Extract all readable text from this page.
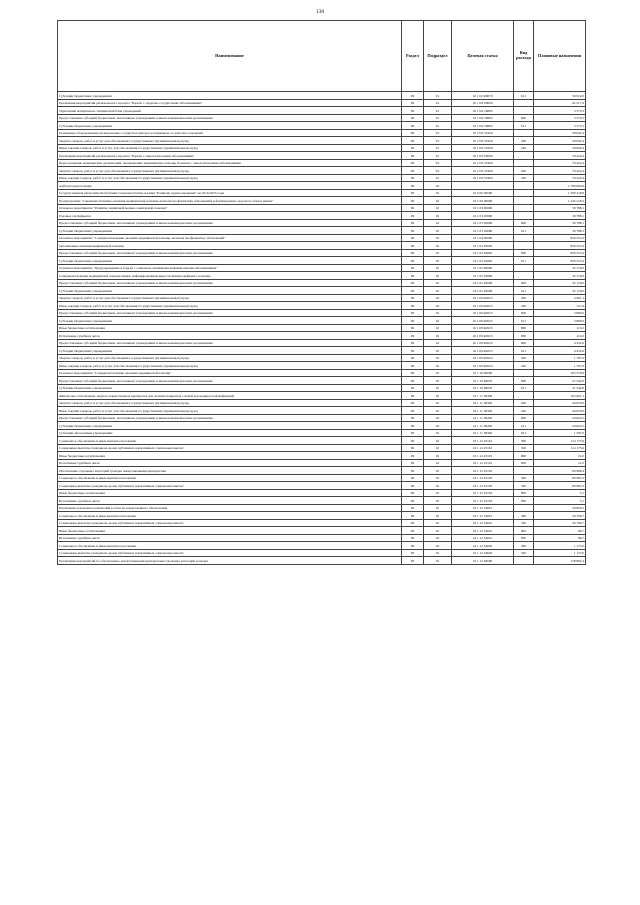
138
Наименование	Раздел	Подраздел	Целевая статья	Вид расхода	Плановые назначения
Субсидии бюджетным учреждениям	09	01	16 1 02 R6070	611	59 019,0
Реализация мероприятий регионального проекта "Борьба с сердечно-сосудистыми заболеваниями"	09	01	16 1 N2 00000		62 217,9
Укрепление материально-технической базы учреждений	09	01	16 1 N2 20695		3 375,5
Предоставление субсидий бюджетным, автономным учреждениям и иным некоммерческим организациям	09	01	16 1 N2 20695	600	3 375,5
Субсидии бюджетным учреждениям	09	01	16 1 N2 20695	611	3 375,5
Оснащение оборудованием региональных сосудистых центров и первичных сосудистых отделений	09	01	16 1 N2 51920		58 842,4
Закупка товаров, работ и услуг для обеспечения государственных (муниципальных) нужд	09	01	16 1 N2 51920	200	58 842,4
Иные закупки товаров, работ и услуг для обеспечения государственных (муниципальных) нужд	09	01	16 1 N2 51920	240	58 842,4
Реализация мероприятий регионального проекта "Борьба с онкологическими заболеваниями"	09	01	16 1 N3 00000		79 224,4
Переоснащение медицинских организаций, оказывающих медицинскую помощь больным с онкологическими заболеваниями	09	01	16 1 N3 51900		79 224,4
Закупка товаров, работ и услуг для обеспечения государственных (муниципальных) нужд	09	01	16 1 N3 51900	200	79 224,4
Иные закупки товаров, работ и услуг для обеспечения государственных (муниципальных) нужд	09	01	16 1 N3 51900	240	79 224,4
Амбулаторная помощь	09	02			1 789 869,9
Государственная программа Республики Северная Осетия-Алания "Развитие здравоохранения" на 2019-2023 годы	09	02	16 0 00 00000		1 589 218,8
Подпрограмма "Совершенствование оказания медицинской помощи, включая профилактику заболеваний и формирование здорового образа жизни"	09	02	16 1 00 00000		1 245 218,5
Основное мероприятие "Развитие первичной медико-санитарной помощи"	09	02	16 1 03 00000		39 788,1
Родовые сертификаты	09	02	16 1 03 20690		39 788,1
Предоставление субсидий бюджетным, автономным учреждениям и иным некоммерческим организациям	09	02	16 1 03 20690	600	39 788,1
Субсидии бюджетным учреждениям	09	02	16 1 03 20690	611	39 788,1
Основное мероприятие "Совершенствование оказания медицинской помощи, включая профилактику заболеваний"	09	02	16 1 04 00000		829 255,4
Организация оказания медицинской помощи	09	02	16 1 04 20692		829 255,4
Предоставление субсидий бюджетным, автономным учреждениям и иным некоммерческим организациям	09	02	16 1 04 20692	600	829 255,4
Субсидии бюджетным учреждениям	09	02	16 1 04 20692	611	829 255,4
Основное мероприятие "Предупреждение и борьба с социально значимыми инфекционными заболеваниями"	09	02	16 1 05 00000		32 176,0
Совершенствование медицинской помощи лицам, инфицированным вирусом иммунодефицита человека	09	02	16 1 05 20696		32 176,0
Предоставление субсидий бюджетным, автономным учреждениям и иным некоммерческим организациям	09	02	16 1 05 20696	600	32 176,0
Субсидии бюджетным учреждениям	09	02	16 1 05 20696	611	32 176,0
Закупка товаров, работ и услуг для обеспечения государственных (муниципальных) нужд	09	02	16 1 09 R2023	200	4 901,1
Иные закупки товаров, работ и услуг для обеспечения государственных (муниципальных) нужд	09	02	16 1 09 R2023	240	721,9
Предоставление субсидий бюджетным, автономным учреждениям и иным некоммерческим организациям	09	02	16 1 09 R2023	600	3 869,0
Субсидии бюджетным учреждениям	09	02	16 1 09 R2023	611	3 869,0
Иные бюджетные ассигнования	09	02	16 1 09 R2023	800	110,2
Исполнение судебных актов	09	02	16 1 09 R2023	830	110,2
Предоставление субсидий бюджетным, автономным учреждениям и иным некоммерческим организациям	09	02	16 1 09 R2025	600	4 452,6
Субсидии бюджетным учреждениям	09	02	16 1 09 R2025	611	4 452,6
Закупка товаров, работ и услуг для обеспечения государственных (муниципальных) нужд	09	02	16 1 09 R2024	200	1 797,0
Иные закупки товаров, работ и услуг для обеспечения государственных (муниципальных) нужд	09	02	16 1 09 R2024	240	1 797,0
Основное мероприятие "Совершенствование оказания медицинской помощи"	09	02	16 1 10 00000		183 518,9
Предоставление субсидий бюджетным, автономным учреждениям и иным некоммерческим организациям	09	02	16 1 10 69070	600	47 544,8
Субсидии бюджетным учреждениям	09	02	16 1 10 69070	611	47 544,8
Финансовое обеспечение закупок лекарственных препаратов для лечения пациентов с новой коронавирусной инфекцией	09	02	16 1 11 58430		105 601,1
Закупка товаров, работ и услуг для обеспечения государственных (муниципальных) нужд	09	02	16 1 11 58430	200	44 679,6
Иные закупки товаров, работ и услуг для обеспечения государственных (муниципальных) нужд	09	02	16 1 11 58430	240	44 679,6
Предоставление субсидий бюджетным, автономным учреждениям и иным некоммерческим организациям	09	02	16 1 11 58430	600	59 624,5
Субсидии бюджетным учреждениям	09	02	16 1 11 58430	611	59 624,5
Субсидии автономным учреждениям	09	02	16 1 11 58430	621	1 297,0
Социальное обеспечение и иные выплаты населению	09	02	16 1 12 25161	300	114 173,9
Социальные выплаты гражданам, кроме публичных нормативных социальных выплат	09	02	16 1 12 25161	320	114 173,9
Иные бюджетные ассигнования	09	02	16 1 12 25161	800	21,0
Исполнение судебных актов	09	02	16 1 12 25161	830	21,0
Обеспечение отдельных категорий граждан лекарственными препаратами	09	02	16 1 12 25163		80 988,4
Социальное обеспечение и иные выплаты населению	09	02	16 1 12 25163	300	80 985,3
Социальные выплаты гражданам, кроме публичных нормативных социальных выплат	09	02	16 1 12 25163	320	80 985,3
Иные бюджетные ассигнования	09	02	16 1 12 25163	800	3,1
Исполнение судебных актов	09	02	16 1 12 25163	830	3,1
Реализация отдельных полномочий в области лекарственного обеспечения	09	02	16 1 12 54610		56 856,5
Социальное обеспечение и иные выплаты населению	09	02	16 1 12 54610	300	56 766,7
Социальные выплаты гражданам, кроме публичных нормативных социальных выплат	09	02	16 1 12 54610	320	56 766,7
Иные бюджетные ассигнования	09	02	16 1 12 54610	800	89,7
Исполнение судебных актов	09	02	16 1 12 54610	830	89,7
Социальное обеспечение и иные выплаты населению	09	02	16 1 12 54620	300	1 173,0
Социальные выплаты гражданам, кроме публичных нормативных социальных выплат	09	02	16 1 12 54620	320	1 173,0
Реализация мероприятий по обеспечению лекарственными препаратами отдельных категорий граждан	09	02	16 1 12 56000		158 862,4
